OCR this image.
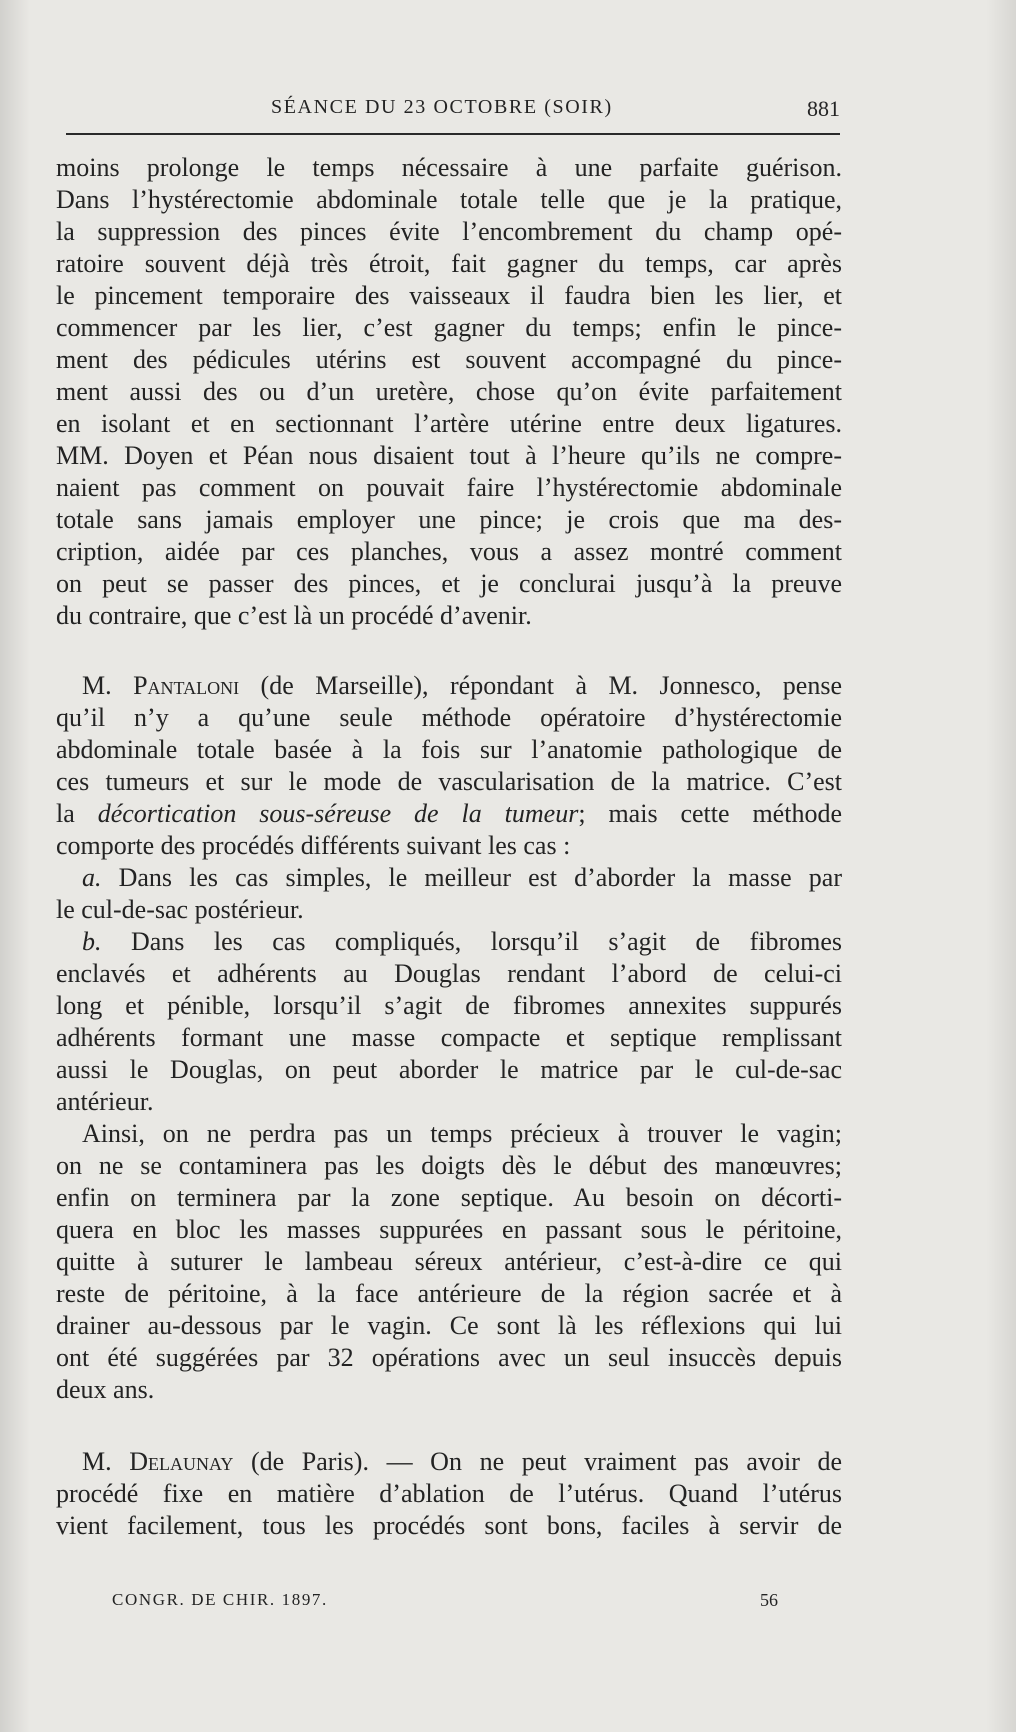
SÉANCE DU 23 OCTOBRE (SOIR)	881

moins prolonge le temps nécessaire à une parfaite guérison.
Dans l’hystérectomie abdominale totale telle que je la pratique,
la suppression des pinces évite l’encombrement du champ opé-
ratoire souvent déjà très étroit, fait gagner du temps, car après
le pincement temporaire des vaisseaux il faudra bien les lier, et
commencer par les lier, c’est gagner du temps; enfin le pince-
ment des pédicules utérins est souvent accompagné du pince-
ment aussi des ou d’un uretère, chose qu’on évite parfaitement
en isolant et en sectionnant l’artère utérine entre deux ligatures.
MM. Doyen et Péan nous disaient tout à l’heure qu’ils ne compre-
naient pas comment on pouvait faire l’hystérectomie abdominale
totale sans jamais employer une pince; je crois que ma des-
cription, aidée par ces planches, vous a assez montré comment
on peut se passer des pinces, et je conclurai jusqu’à la preuve
du contraire, que c’est là un procédé d’avenir.

M. Pantaloni (de Marseille), répondant à M. Jonnesco, pense
qu’il n’y a qu’une seule méthode opératoire d’hystérectomie
abdominale totale basée à la fois sur l’anatomie pathologique de
ces tumeurs et sur le mode de vascularisation de la matrice. C’est
la décortication sous-séreuse de la tumeur; mais cette méthode
comporte des procédés différents suivant les cas :

a. Dans les cas simples, le meilleur est d’aborder la masse par
le cul-de-sac postérieur.

b. Dans les cas compliqués, lorsqu’il s’agit de fibromes
enclavés et adhérents au Douglas rendant l’abord de celui-ci
long et pénible, lorsqu’il s’agit de fibromes annexites suppurés
adhérents formant une masse compacte et septique remplissant
aussi le Douglas, on peut aborder le matrice par le cul-de-sac
antérieur.

Ainsi, on ne perdra pas un temps précieux à trouver le vagin;
on ne se contaminera pas les doigts dès le début des manœuvres;
enfin on terminera par la zone septique. Au besoin on décorti-
quera en bloc les masses suppurées en passant sous le péritoine,
quitte à suturer le lambeau séreux antérieur, c’est-à-dire ce qui
reste de péritoine, à la face antérieure de la région sacrée et à
drainer au-dessous par le vagin. Ce sont là les réflexions qui lui
ont été suggérées par 32 opérations avec un seul insuccès depuis
deux ans.

M. Delaunay (de Paris). — On ne peut vraiment pas avoir de
procédé fixe en matière d’ablation de l’utérus. Quand l’utérus
vient facilement, tous les procédés sont bons, faciles à servir de

CONGR. DE CHIR. 1897.	56
